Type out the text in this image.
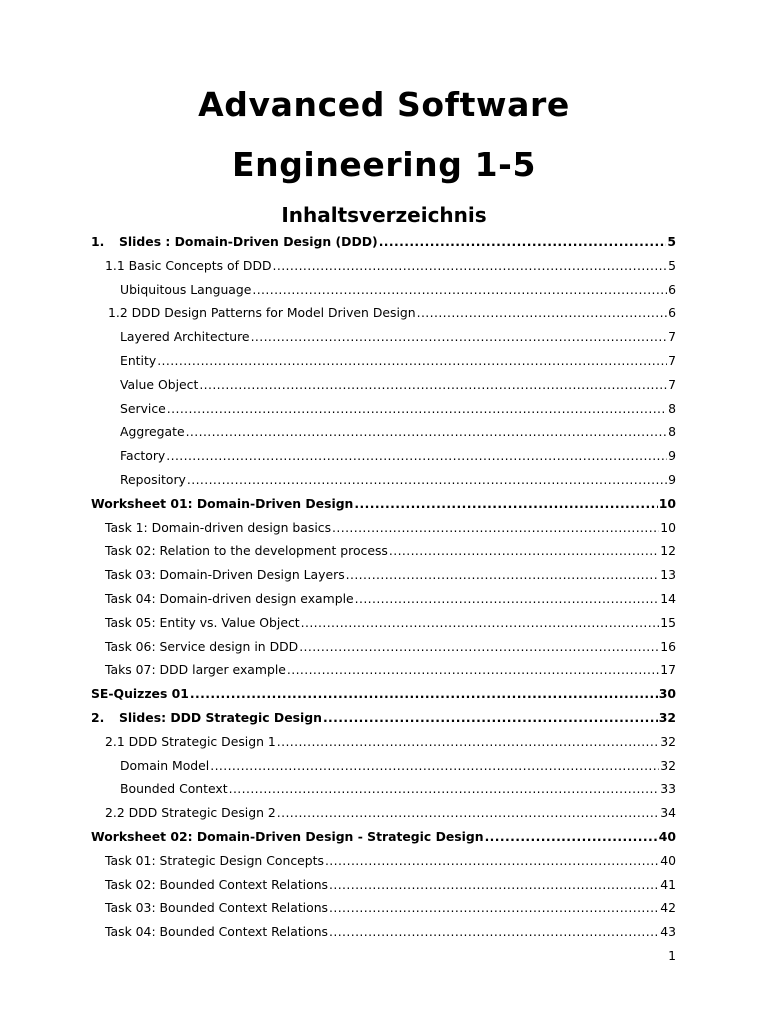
Advanced Software
Engineering 1-5
Inhaltsverzeichnis
1.	Slides : Domain-Driven Design (DDD) .....	5
1.1 Basic Concepts of DDD .....	5
Ubiquitous Language .....	6
1.2 DDD Design Patterns for Model Driven Design .....	6
Layered Architecture .....	7
Entity .....	7
Value Object .....	7
Service .....	8
Aggregate .....	8
Factory .....	9
Repository .....	9
Worksheet 01: Domain-Driven Design .....	10
Task 1: Domain-driven design basics .....	10
Task 02: Relation to the development process .....	12
Task 03: Domain-Driven Design Layers .....	13
Task 04: Domain-driven design example .....	14
Task 05: Entity vs. Value Object .....	15
Task 06: Service design in DDD .....	16
Taks 07: DDD larger example .....	17
SE-Quizzes 01 .....	30
2.	Slides: DDD Strategic Design .....	32
2.1 DDD Strategic Design 1 .....	32
Domain Model .....	32
Bounded Context .....	33
2.2 DDD Strategic Design 2 .....	34
Worksheet 02: Domain-Driven Design - Strategic Design .....	40
Task 01: Strategic Design Concepts .....	40
Task 02: Bounded Context Relations .....	41
Task 03: Bounded Context Relations .....	42
Task 04: Bounded Context Relations .....	43
1
